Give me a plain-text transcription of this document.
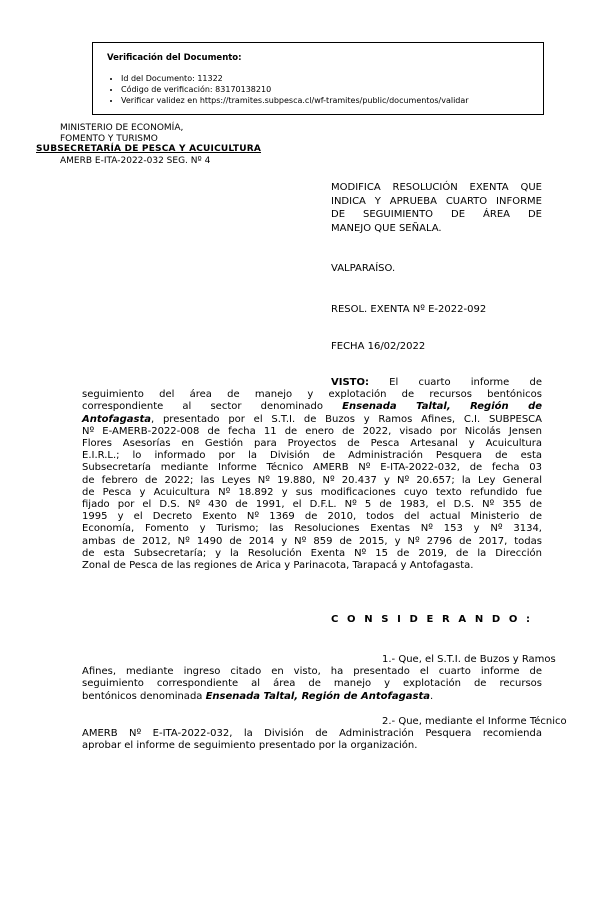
Verificación del Documento:
• Id del Documento: 11322
• Código de verificación: 83170138210
• Verificar validez en https://tramites.subpesca.cl/wf-tramites/public/documentos/validar
MINISTERIO DE ECONOMÍA,
FOMENTO Y TURISMO
SUBSECRETARÍA DE PESCA Y ACUICULTURA
AMERB E-ITA-2022-032 SEG. Nº 4
MODIFICA RESOLUCIÓN EXENTA QUE
INDICA Y APRUEBA CUARTO INFORME
DE SEGUIMIENTO DE ÁREA DE
MANEJO QUE SEÑALA.
VALPARAÍSO.
RESOL. EXENTA Nº E-2022-092
FECHA 16/02/2022
VISTO: El cuarto informe de
seguimiento del área de manejo y explotación de recursos bentónicos
correspondiente al sector denominado Ensenada Taltal, Región de
Antofagasta, presentado por el S.T.I. de Buzos y Ramos Afines, C.I. SUBPESCA
Nº E-AMERB-2022-008 de fecha 11 de enero de 2022, visado por Nicolás Jensen
Flores Asesorías en Gestión para Proyectos de Pesca Artesanal y Acuicultura
E.I.R.L.; lo informado por la División de Administración Pesquera de esta
Subsecretaría mediante Informe Técnico AMERB Nº E-ITA-2022-032, de fecha 03
de febrero de 2022; las Leyes Nº 19.880, Nº 20.437 y Nº 20.657; la Ley General
de Pesca y Acuicultura Nº 18.892 y sus modificaciones cuyo texto refundido fue
fijado por el D.S. Nº 430 de 1991, el D.F.L. Nº 5 de 1983, el D.S. Nº 355 de
1995 y el Decreto Exento Nº 1369 de 2010, todos del actual Ministerio de
Economía, Fomento y Turismo; las Resoluciones Exentas Nº 153 y Nº 3134,
ambas de 2012, Nº 1490 de 2014 y Nº 859 de 2015, y Nº 2796 de 2017, todas
de esta Subsecretaría; y la Resolución Exenta Nº 15 de 2019, de la Dirección
Zonal de Pesca de las regiones de Arica y Parinacota, Tarapacá y Antofagasta.
C O N S I D E R A N D O :
1.- Que, el S.T.I. de Buzos y Ramos
Afines, mediante ingreso citado en visto, ha presentado el cuarto informe de
seguimiento correspondiente al área de manejo y explotación de recursos
bentónicos denominada Ensenada Taltal, Región de Antofagasta.
2.- Que, mediante el Informe Técnico
AMERB Nº E-ITA-2022-032, la División de Administración Pesquera recomienda
aprobar el informe de seguimiento presentado por la organización.
